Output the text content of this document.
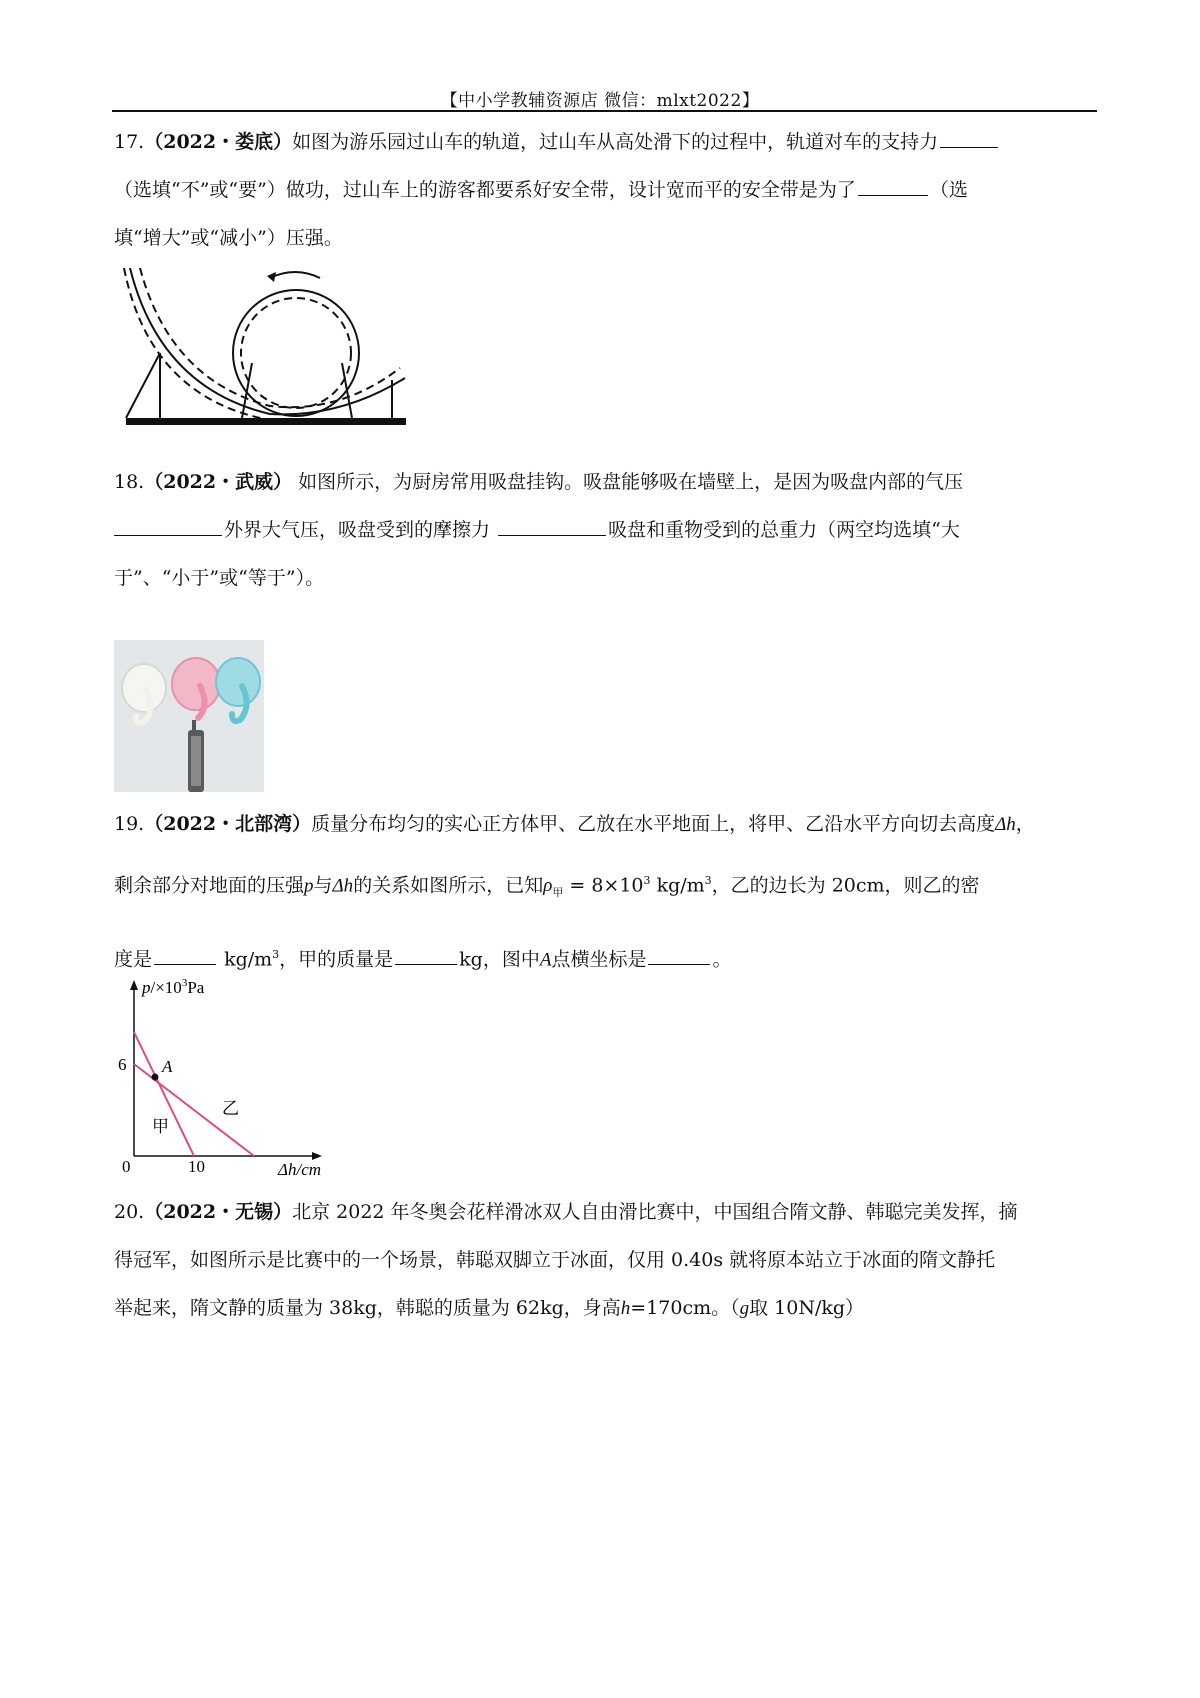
【中小学教辅资源店 微信：mlxt2022】

17.（2022・娄底）如图为游乐园过山车的轨道，过山车从高处滑下的过程中，轨道对车的支持力

（选填“不”或“要”）做功，过山车上的游客都要系好安全带，设计宽而平的安全带是为了	（选

填“增大”或“减小”）压强。

18.（2022・武威） 如图所示，为厨房常用吸盘挂钩。吸盘能够吸在墙壁上，是因为吸盘内部的气压

外界大气压，吸盘受到的摩擦力	吸盘和重物受到的总重力（两空均选填“大

于”、“小于”或“等于”）。

19.（2022・北部湾）质量分布均匀的实心正方体甲、乙放在水平地面上，将甲、乙沿水平方向切去高度Δh，

剩余部分对地面的压强p与Δh的关系如图所示，已知$\rho_甲 = 8\times 10^3$ $kg/m^3$，乙的边长为 20cm，则乙的密

度是	$kg/m^3$，甲的质量是	kg，图中A点横坐标是	。

$p/\times 10^3Pa$
6
0	10	Δh/cm
A
甲
乙

20.（2022・无锡）北京 2022 年冬奥会花样滑冰双人自由滑比赛中，中国组合隋文静、韩聪完美发挥，摘

得冠军，如图所示是比赛中的一个场景，韩聪双脚立于冰面，仅用 0.40s 就将原本站立于冰面的隋文静托

举起来，隋文静的质量为 38kg，韩聪的质量为 62kg，身高h=170cm。（g取 10N/kg）
